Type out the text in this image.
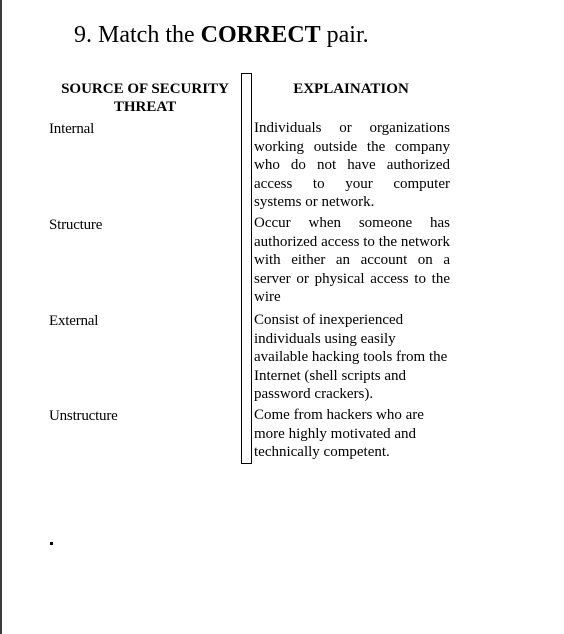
9. Match the CORRECT pair.
SOURCE OF SECURITY THREAT
EXPLAINATION
Internal
Structure
External
Unstructure
Individuals or organizations working outside the company who do not have authorized access to your computer systems or network.
Occur when someone has authorized access to the network with either an account on a server or physical access to the wire
Consist of inexperienced individuals using easily available hacking tools from the Internet (shell scripts and password crackers).
Come from hackers who are more highly motivated and technically competent.
